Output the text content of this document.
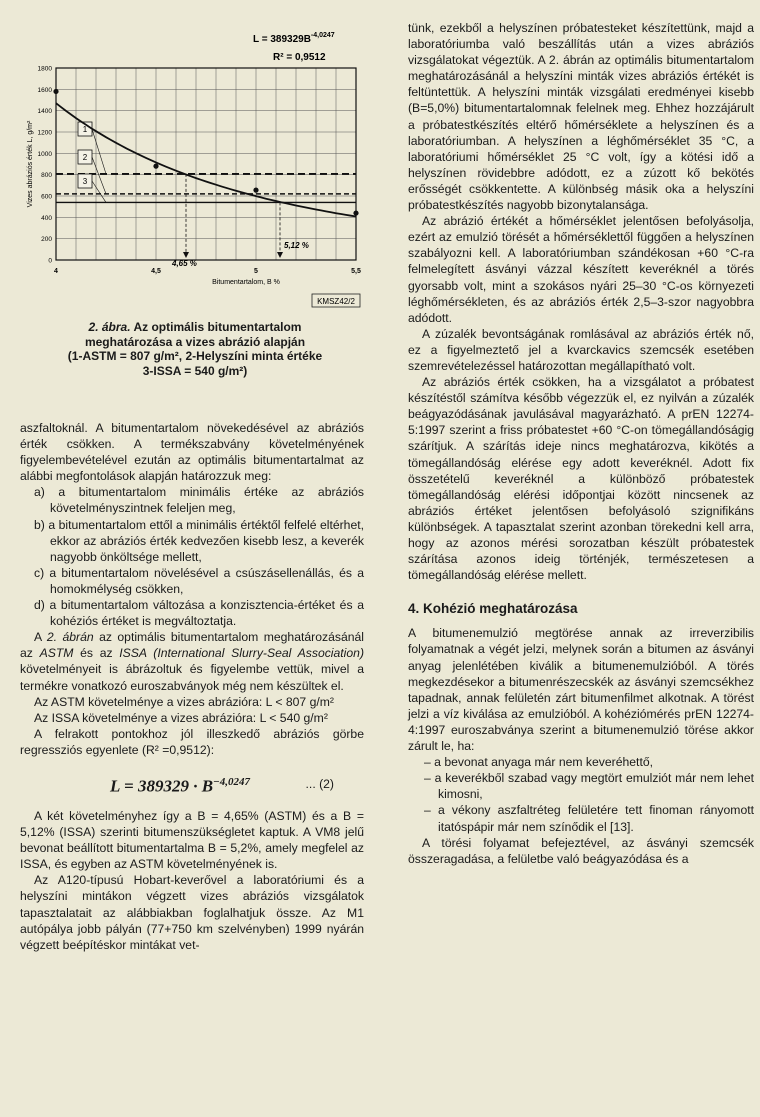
$L = 389329B^{-4,0247}$
R² = 0,9512
0
200
400
600
800
1000
1200
1400
1600
1800
4	4,5	5	5,5
1
2
3
4,65 %
5,12 %
Vizes abráziós érték L, g/m²
Bitumentartalom, B %
KMSZ42/2
2. ábra. Az optimális bitumentartalom
meghatározása a vizes abrázió alapján
(1-ASTM = 807 g/m², 2-Helyszíni minta értéke
3-ISSA = 540 g/m²)

aszfaltoknál. A bitumentartalom növekedésével az abráziós érték csökken. A termékszabvány követelményének figyelembevételével ezután az optimális bitumentartalmat az alábbi megfontolások alapján határozzuk meg:

a) a bitumentartalom minimális értéke az abráziós követelményszintnek feleljen meg,

b) a bitumentartalom ettől a minimális értéktől felfelé eltérhet, ekkor az abráziós érték kedvezően kisebb lesz, a keverék nagyobb önköltsége mellett,

c) a bitumentartalom növelésével a csúszásellenállás, és a homokmélység csökken,

d) a bitumentartalom változása a konzisztencia-értéket és a kohéziós értéket is megváltoztatja.

A 2. ábrán az optimális bitumentartalom meghatározásánál az ASTM és az ISSA (International Slurry-Seal Association) követelményeit is ábrázoltuk és figyelembe vettük, mivel a termékre vonatkozó euroszabványok még nem készültek el.

Az ASTM követelménye a vizes abrázióra: L < 807 g/m²

Az ISSA követelménye a vizes abrázióra: L < 540 g/m²

A felrakott pontokhoz jól illeszkedő abráziós görbe regressziós egyenlete (R² =0,9512):

$L = 389329 \cdot B^{-4,0247}$	... (2)

A két követelményhez így a B = 4,65% (ASTM) és a B = 5,12% (ISSA) szerinti bitumenszükségletet kaptuk. A VM8 jelű bevonat beállított bitumentartalma B = 5,2%, amely megfelel az ISSA, és egyben az ASTM követelményének is.

Az A120-típusú Hobart-keverővel a laboratóriumi és a helyszíni mintákon végzett vizes abráziós vizsgálatok tapasztalatait az alábbiakban foglalhatjuk össze. Az M1 autópálya jobb pályán (77+750 km szelvényben) 1999 nyárán végzett beépítéskor mintákat vet-

tünk, ezekből a helyszínen próbatesteket készítettünk, majd a laboratóriumba való beszállítás után a vizes abráziós vizsgálatokat végeztük. A 2. ábrán az optimális bitumentartalom meghatározásánál a helyszíni minták vizes abráziós értékét is feltüntettük. A helyszíni minták vizsgálati eredményei kisebb (B=5,0%) bitumentartalomnak felelnek meg. Ehhez hozzájárult a próbatestkészítés eltérő hőmérséklete a helyszínen és a laboratóriumban. A helyszínen a léghőmérséklet 35 °C, a laboratóriumi hőmérséklet 25 °C volt, így a kötési idő a helyszínen rövidebbre adódott, ez a zúzott kő bekötés erősségét csökkentette. A különbség másik oka a helyszíni próbatestkészítés nagyobb bizonytalansága.

Az abrázió értékét a hőmérséklet jelentősen befolyásolja, ezért az emulzió törését a hőmérséklettől függően a helyszínen szabályozni kell. A laboratóriumban szándékosan +60 °C-ra felmelegített ásványi vázzal készített keveréknél a törés gyorsabb volt, mint a szokásos nyári 25–30 °C-os környezeti léghőmérsékleten, és az abráziós érték 2,5–3-szor nagyobbra adódott.

A zúzalék bevontságának romlásával az abráziós érték nő, ez a figyelmeztető jel a kvarckavics szemcsék esetében szemrevételezéssel határozottan megállapítható volt.

Az abráziós érték csökken, ha a vizsgálatot a próbatest készítéstől számítva később végezzük el, ez nyilván a zúzalék beágyazódásának javulásával magyarázható. A prEN 12274-5:1997 szerint a friss próbatestet +60 °C-on tömegállandóságig szárítjuk. A szárítás ideje nincs meghatározva, kikötés a tömegállandóság elérése egy adott keveréknél. Adott fix összetételű keveréknél a különböző próbatestek tömegállandóság elérési időpontjai között nincsenek az abráziós értéket jelentősen befolyásoló szignifikáns különbségek. A tapasztalat szerint azonban törekedni kell arra, hogy az azonos mérési sorozatban készült próbatestek szárítása azonos ideig történjék, természetesen a tömegállandóság elérése mellett.

4. Kohézió meghatározása

A bitumenemulzió megtörése annak az irreverzibilis folyamatnak a végét jelzi, melynek során a bitumen az ásványi anyag jelenlétében kiválik a bitumenemulzióból. A törés megkezdésekor a bitumenrészecskék az ásványi szemcsékhez tapadnak, annak felületén zárt bitumenfilmet alkotnak. A törést jelzi a víz kiválása az emulzióból. A kohéziómérés prEN 12274-4:1997 euroszabványa szerint a bitumenemulzió törése akkor zárult le, ha:

– a bevonat anyaga már nem keveréhettő,

– a keverékből szabad vagy megtört emulziót már nem lehet kimosni,

– a vékony aszfaltréteg felületére tett finoman rányomott itatóspápir már nem színődik el [13].

A törési folyamat befejeztével, az ásványi szemcsék összeragadása, a felületbe való beágyazódása és a
